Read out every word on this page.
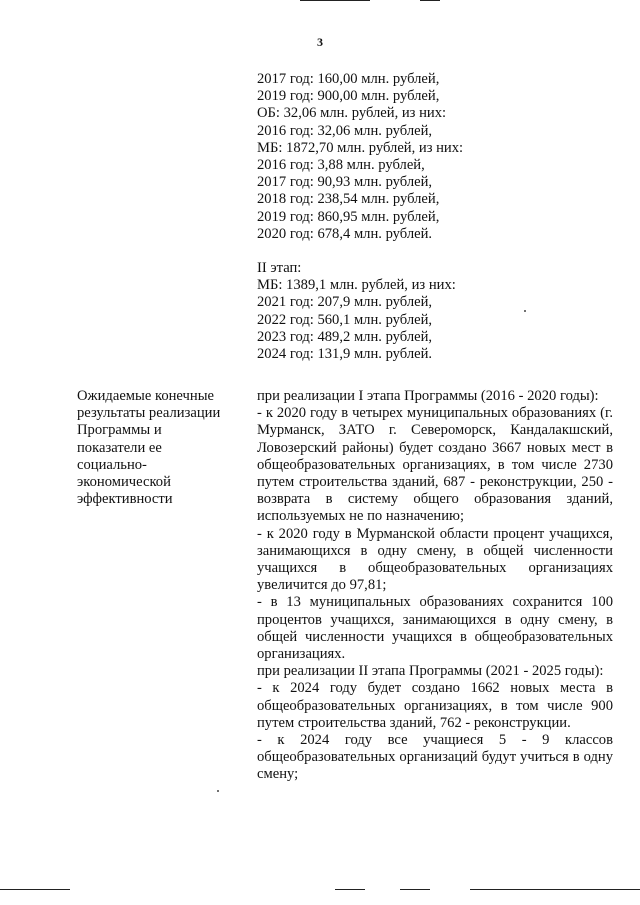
3
2017 год: 160,00 млн. рублей,
2019 год: 900,00 млн. рублей,
ОБ: 32,06 млн. рублей, из них:
2016 год: 32,06 млн. рублей,
МБ: 1872,70 млн. рублей, из них:
2016 год: 3,88 млн. рублей,
2017 год: 90,93 млн. рублей,
2018 год: 238,54 млн. рублей,
2019 год: 860,95 млн. рублей,
2020 год: 678,4 млн. рублей.
II этап:
МБ: 1389,1 млн. рублей, из них:
2021 год: 207,9 млн. рублей,
2022 год: 560,1 млн. рублей,
2023 год: 489,2 млн. рублей,
2024 год: 131,9 млн. рублей.
Ожидаемые конечные
результаты реализации
Программы и
показатели ее
социально-
экономической
эффективности
при реализации I этапа Программы (2016 - 2020 годы):
- к 2020 году в четырех муниципальных образованиях (г. Мурманск, ЗАТО г. Североморск, Кандалакшский, Ловозерский районы) будет создано 3667 новых мест в общеобразовательных организациях, в том числе 2730 путем строительства зданий, 687 - реконструкции, 250 - возврата в систему общего образования зданий, используемых не по назначению;
- к 2020 году в Мурманской области процент учащихся, занимающихся в одну смену, в общей численности учащихся в общеобразовательных организациях увеличится до 97,81;
- в 13 муниципальных образованиях сохранится 100 процентов учащихся, занимающихся в одну смену, в общей численности учащихся в общеобразовательных организациях.
при реализации II этапа Программы (2021 - 2025 годы):
- к 2024 году будет создано 1662 новых места в общеобразовательных организациях, в том числе 900 путем строительства зданий, 762 - реконструкции.
- к 2024 году все учащиеся 5 - 9 классов общеобразовательных организаций будут учиться в одну смену;
